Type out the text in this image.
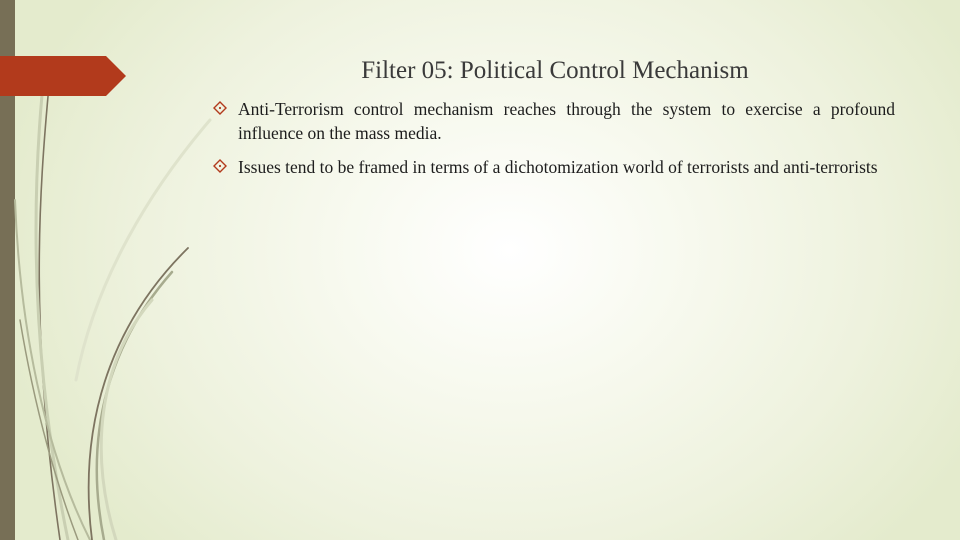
Filter 05: Political Control Mechanism
Anti-Terrorism control mechanism reaches through the system to exercise a profound influence on the mass media.
Issues tend to be framed in terms of a dichotomization world of terrorists and anti-terrorists
